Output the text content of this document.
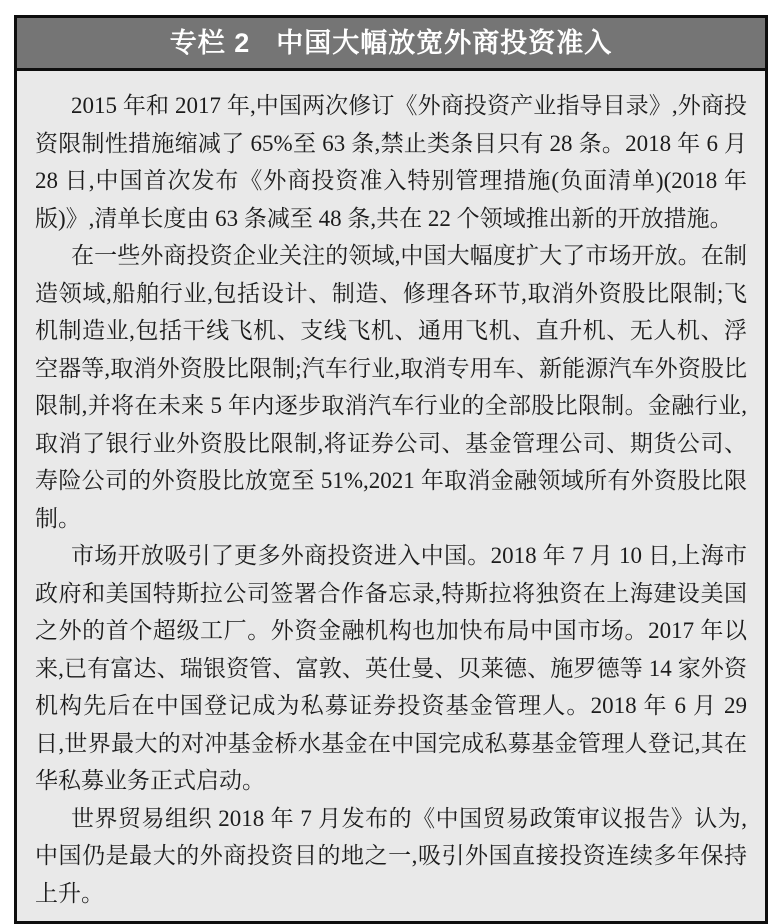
专栏 2 中国大幅放宽外商投资准入

2015 年和 2017 年,中国两次修订《外商投资产业指导目录》,外商投资限制性措施缩减了 65%至 63 条,禁止类条目只有 28 条。2018 年 6 月 28 日,中国首次发布《外商投资准入特别管理措施(负面清单)(2018 年版)》,清单长度由 63 条减至 48 条,共在 22 个领域推出新的开放措施。

在一些外商投资企业关注的领域,中国大幅度扩大了市场开放。在制造领域,船舶行业,包括设计、制造、修理各环节,取消外资股比限制;飞机制造业,包括干线飞机、支线飞机、通用飞机、直升机、无人机、浮空器等,取消外资股比限制;汽车行业,取消专用车、新能源汽车外资股比限制,并将在未来 5 年内逐步取消汽车行业的全部股比限制。金融行业,取消了银行业外资股比限制,将证券公司、基金管理公司、期货公司、寿险公司的外资股比放宽至 51%,2021 年取消金融领域所有外资股比限制。

市场开放吸引了更多外商投资进入中国。2018 年 7 月 10 日,上海市政府和美国特斯拉公司签署合作备忘录,特斯拉将独资在上海建设美国之外的首个超级工厂。外资金融机构也加快布局中国市场。2017 年以来,已有富达、瑞银资管、富敦、英仕曼、贝莱德、施罗德等 14 家外资机构先后在中国登记成为私募证券投资基金管理人。2018 年 6 月 29 日,世界最大的对冲基金桥水基金在中国完成私募基金管理人登记,其在华私募业务正式启动。

世界贸易组织 2018 年 7 月发布的《中国贸易政策审议报告》认为,中国仍是最大的外商投资目的地之一,吸引外国直接投资连续多年保持上升。
